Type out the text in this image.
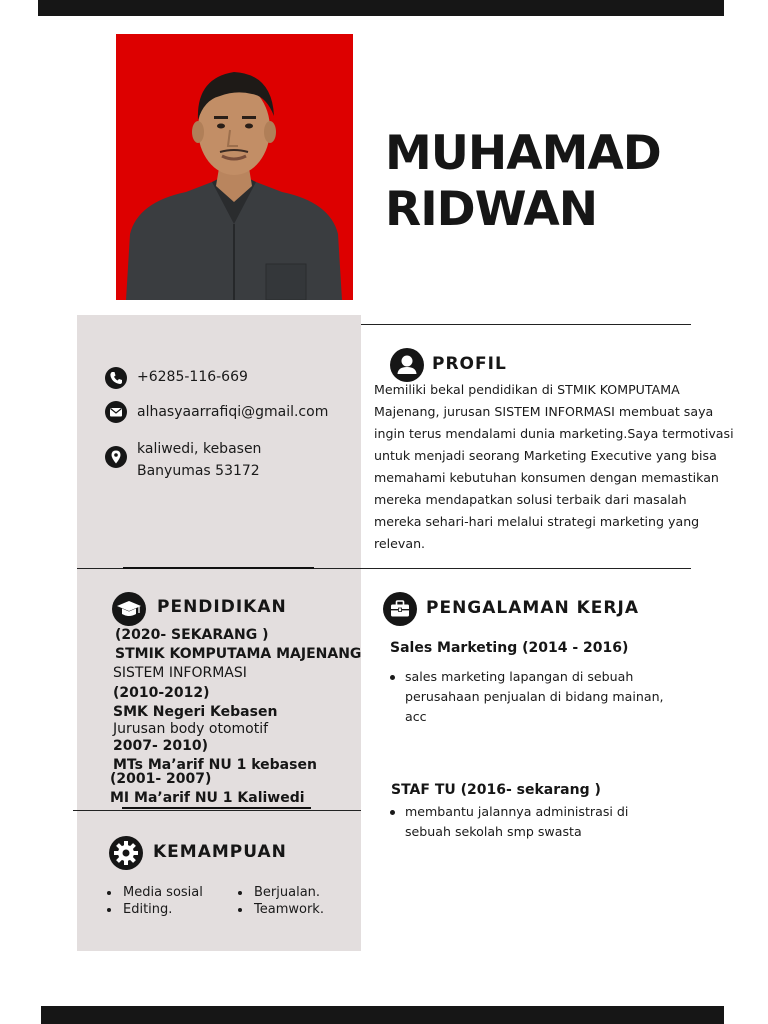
MUHAMAD
RIDWAN
+6285-116-669
alhasyaarrafiqi@gmail.com
kaliwedi, kebasen
Banyumas 53172
PROFIL
Memiliki bekal pendidikan di STMIK KOMPUTAMA Majenang, jurusan SISTEM INFORMASI membuat saya ingin terus mendalami dunia marketing.Saya termotivasi untuk menjadi seorang Marketing Executive yang bisa memahami kebutuhan konsumen dengan memastikan mereka mendapatkan solusi terbaik dari masalah mereka sehari-hari melalui strategi marketing yang relevan.
PENDIDIKAN
(2020- SEKARANG )
STMIK KOMPUTAMA MAJENANG
SISTEM INFORMASI
(2010-2012)
SMK Negeri Kebasen
Jurusan body otomotif
2007- 2010)
MTs Ma’arif NU 1 kebasen
(2001- 2007)
MI Ma’arif NU 1 Kaliwedi
PENGALAMAN KERJA
Sales Marketing (2014 - 2016)
sales marketing lapangan di sebuah perusahaan penjualan di bidang mainan, acc
STAF TU (2016- sekarang )
membantu jalannya administrasi di sebuah sekolah smp swasta
KEMAMPUAN
Media sosial
Editing.
Berjualan.
Teamwork.
